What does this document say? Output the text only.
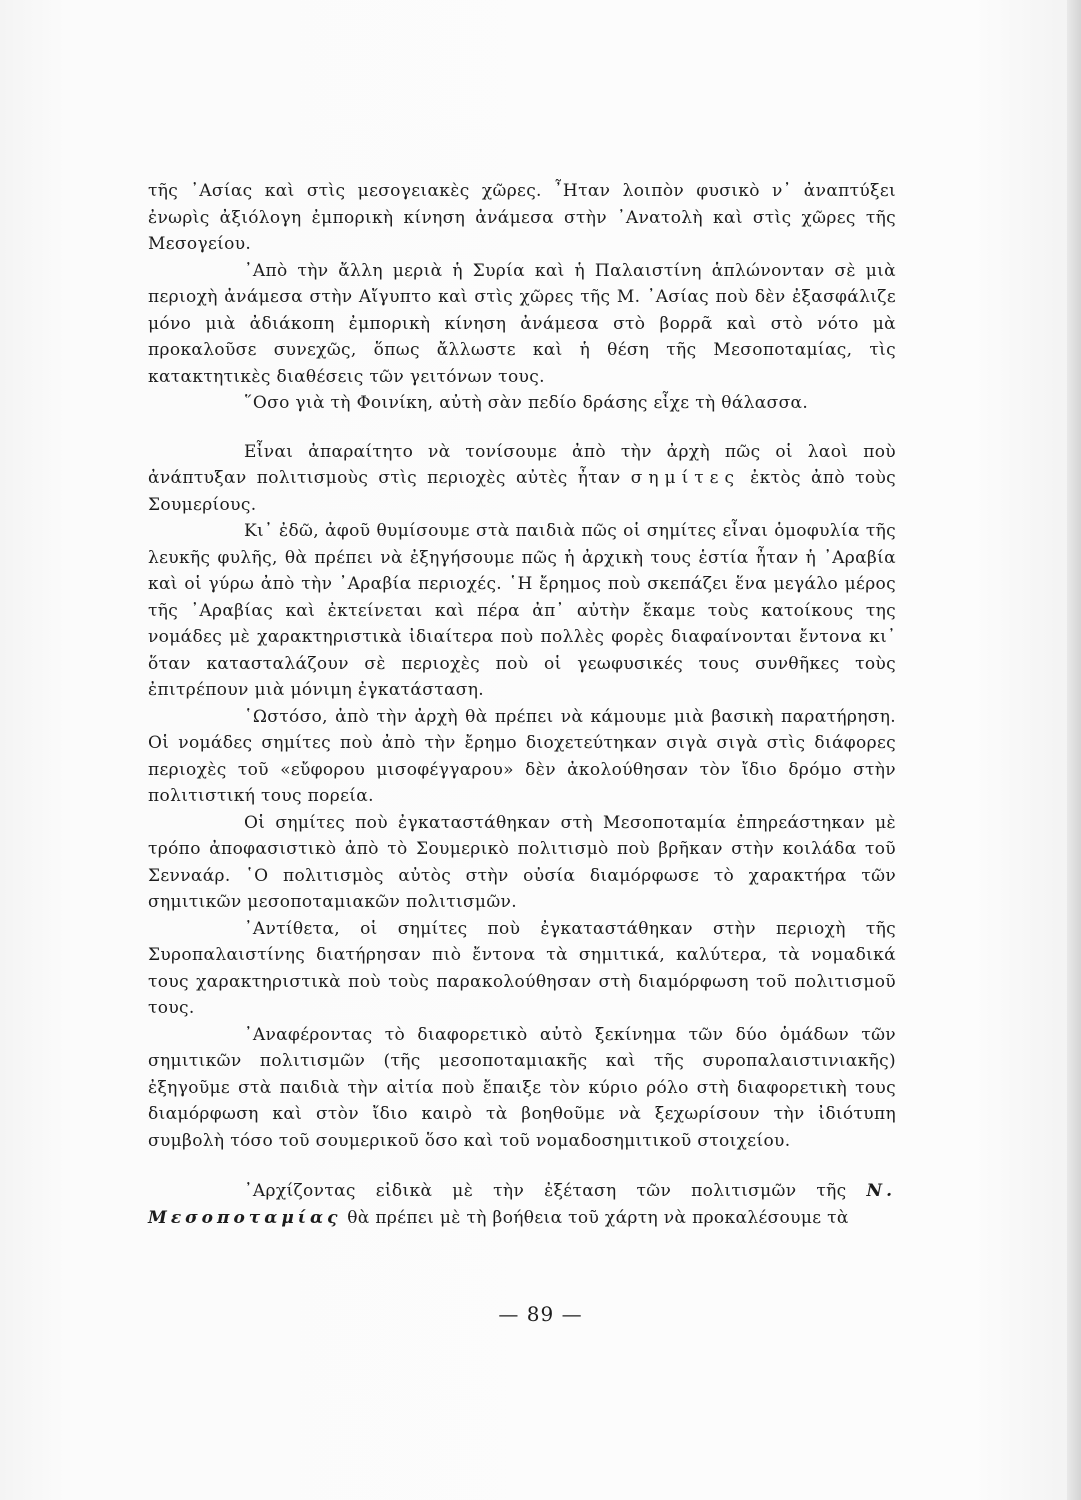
τῆς ᾿Ασίας καὶ στὶς μεσογειακὲς χῶρες. ῏Ηταν λοιπὸν φυσικὸ ν᾿ ἀναπτύξει ἐνωρὶς ἀξιόλογη ἐμπορικὴ κίνηση ἀνάμεσα στὴν ᾿Ανατολὴ καὶ στὶς χῶρες τῆς Μεσογείου.

᾿Απὸ τὴν ἄλλη μεριὰ ἡ Συρία καὶ ἡ Παλαιστίνη ἁπλώνονταν σὲ μιὰ περιοχὴ ἀνάμεσα στὴν Αἴγυπτο καὶ στὶς χῶρες τῆς Μ. ᾿Ασίας ποὺ δὲν ἐξασφάλιζε μόνο μιὰ ἀδιάκοπη ἐμπορικὴ κίνηση ἀνάμεσα στὸ βορρᾶ καὶ στὸ νότο μὰ προκαλοῦσε συνεχῶς, ὅπως ἄλλωστε καὶ ἡ θέση τῆς Μεσοποταμίας, τὶς κατακτητικὲς διαθέσεις τῶν γειτόνων τους.

῞Οσο γιὰ τὴ Φοινίκη, αὐτὴ σὰν πεδίο δράσης εἶχε τὴ θάλασσα.

Εἶναι ἀπαραίτητο νὰ τονίσουμε ἀπὸ τὴν ἀρχὴ πῶς οἱ λαοὶ ποὺ ἀνάπτυξαν πολιτισμοὺς στὶς περιοχὲς αὐτὲς ἦταν σημίτες ἐκτὸς ἀπὸ τοὺς Σουμερίους.

Κι᾿ ἐδῶ, ἀφοῦ θυμίσουμε στὰ παιδιὰ πῶς οἱ σημίτες εἶναι ὁμοφυλία τῆς λευκῆς φυλῆς, θὰ πρέπει νὰ ἐξηγήσουμε πῶς ἡ ἀρχικὴ τους ἑστία ἦταν ἡ ᾿Αραβία καὶ οἱ γύρω ἀπὸ τὴν ᾿Αραβία περιοχές. ῾Η ἔρημος ποὺ σκεπάζει ἕνα μεγάλο μέρος τῆς ᾿Αραβίας καὶ ἐκτείνεται καὶ πέρα ἀπ᾿ αὐτὴν ἔκαμε τοὺς κατοίκους της νομάδες μὲ χαρακτηριστικὰ ἰδιαίτερα ποὺ πολλὲς φορὲς διαφαίνονται ἔντονα κι᾿ ὅταν κατασταλάζουν σὲ περιοχὲς ποὺ οἱ γεωφυσικές τους συνθῆκες τοὺς ἐπιτρέπουν μιὰ μόνιμη ἐγκατάσταση.

῾Ωστόσο, ἀπὸ τὴν ἀρχὴ θὰ πρέπει νὰ κάμουμε μιὰ βασικὴ παρατήρηση. Οἱ νομάδες σημίτες ποὺ ἀπὸ τὴν ἔρημο διοχετεύτηκαν σιγὰ σιγὰ στὶς διάφορες περιοχὲς τοῦ «εὔφορου μισοφέγγαρου» δὲν ἀκολούθησαν τὸν ἴδιο δρόμο στὴν πολιτιστική τους πορεία.

Οἱ σημίτες ποὺ ἐγκαταστάθηκαν στὴ Μεσοποταμία ἐπηρεάστηκαν μὲ τρόπο ἀποφασιστικὸ ἀπὸ τὸ Σουμερικὸ πολιτισμὸ ποὺ βρῆκαν στὴν κοιλάδα τοῦ Σενναάρ. ῾Ο πολιτισμὸς αὐτὸς στὴν οὐσία διαμόρφωσε τὸ χαρακτήρα τῶν σημιτικῶν μεσοποταμιακῶν πολιτισμῶν.

᾿Αντίθετα, οἱ σημίτες ποὺ ἐγκαταστάθηκαν στὴν περιοχὴ τῆς Συροπαλαιστίνης διατήρησαν πιὸ ἔντονα τὰ σημιτικά, καλύτερα, τὰ νομαδικά τους χαρακτηριστικὰ ποὺ τοὺς παρακολούθησαν στὴ διαμόρφωση τοῦ πολιτισμοῦ τους.

᾿Αναφέροντας τὸ διαφορετικὸ αὐτὸ ξεκίνημα τῶν δύο ὁμάδων τῶν σημιτικῶν πολιτισμῶν (τῆς μεσοποταμιακῆς καὶ τῆς συροπαλαιστινιακῆς) ἐξηγοῦμε στὰ παιδιὰ τὴν αἰτία ποὺ ἔπαιξε τὸν κύριο ρόλο στὴ διαφορετικὴ τους διαμόρφωση καὶ στὸν ἴδιο καιρὸ τὰ βοηθοῦμε νὰ ξεχωρίσουν τὴν ἰδιότυπη συμβολὴ τόσο τοῦ σουμερικοῦ ὅσο καὶ τοῦ νομαδοσημιτικοῦ στοιχείου.

᾿Αρχίζοντας εἰδικὰ μὲ τὴν ἐξέταση τῶν πολιτισμῶν τῆς Ν. Μεσοποταμίας θὰ πρέπει μὲ τὴ βοήθεια τοῦ χάρτη νὰ προκαλέσουμε τὰ

— 89 —
